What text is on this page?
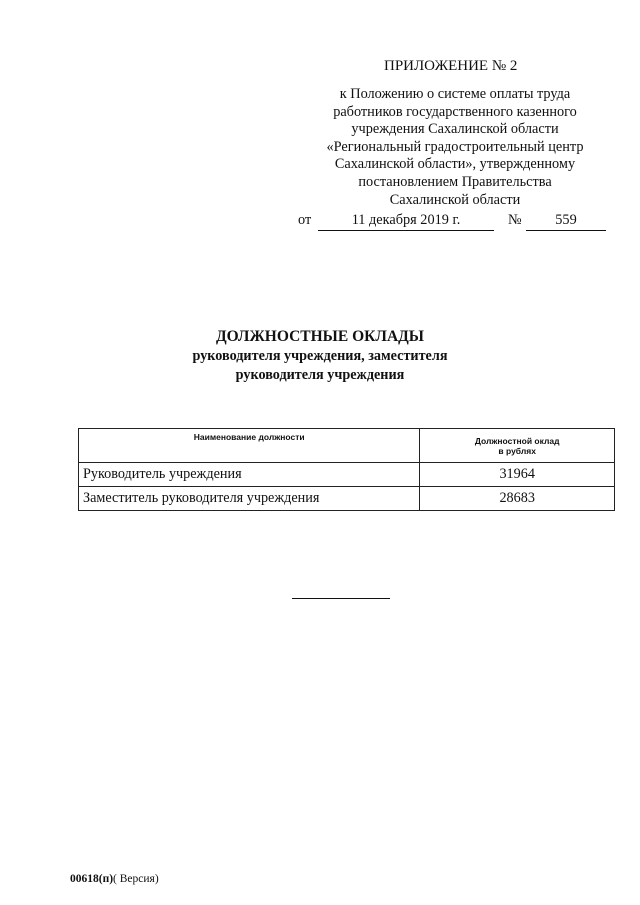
ПРИЛОЖЕНИЕ № 2
к Положению о системе оплаты труда
работников государственного казенного
учреждения Сахалинской области
«Региональный градостроительный центр
Сахалинской области», утвержденному
постановлением Правительства
Сахалинской области
от	11 декабря 2019 г.	№	559
ДОЛЖНОСТНЫЕ ОКЛАДЫ
руководителя учреждения, заместителя
руководителя учреждения
Наименование должности	Должностной оклад
в рублях

Руководитель учреждения	31964
Заместитель руководителя учреждения	28683
00618(п)( Версия)
